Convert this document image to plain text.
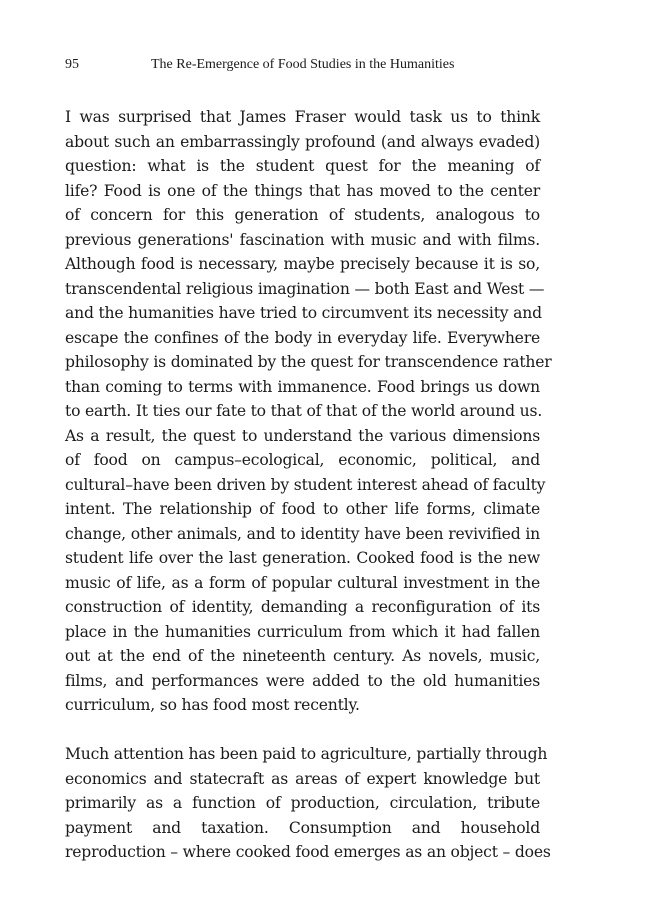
95	The Re-Emergence of Food Studies in the Humanities
I was surprised that James Fraser would task us to think
about such an embarrassingly profound (and always evaded)
question: what is the student quest for the meaning of
life? Food is one of the things that has moved to the center
of concern for this generation of students, analogous to
previous generations' fascination with music and with films.
Although food is necessary, maybe precisely because it is so,
transcendental religious imagination — both East and West —
and the humanities have tried to circumvent its necessity and
escape the confines of the body in everyday life. Everywhere
philosophy is dominated by the quest for transcendence rather
than coming to terms with immanence. Food brings us down
to earth. It ties our fate to that of that of the world around us.
As a result, the quest to understand the various dimensions
of food on campus–ecological, economic, political, and
cultural–have been driven by student interest ahead of faculty
intent. The relationship of food to other life forms, climate
change, other animals, and to identity have been revivified in
student life over the last generation. Cooked food is the new
music of life, as a form of popular cultural investment in the
construction of identity, demanding a reconfiguration of its
place in the humanities curriculum from which it had fallen
out at the end of the nineteenth century. As novels, music,
films, and performances were added to the old humanities
curriculum, so has food most recently.
Much attention has been paid to agriculture, partially through
economics and statecraft as areas of expert knowledge but
primarily as a function of production, circulation, tribute
payment and taxation. Consumption and household
reproduction – where cooked food emerges as an object – does
